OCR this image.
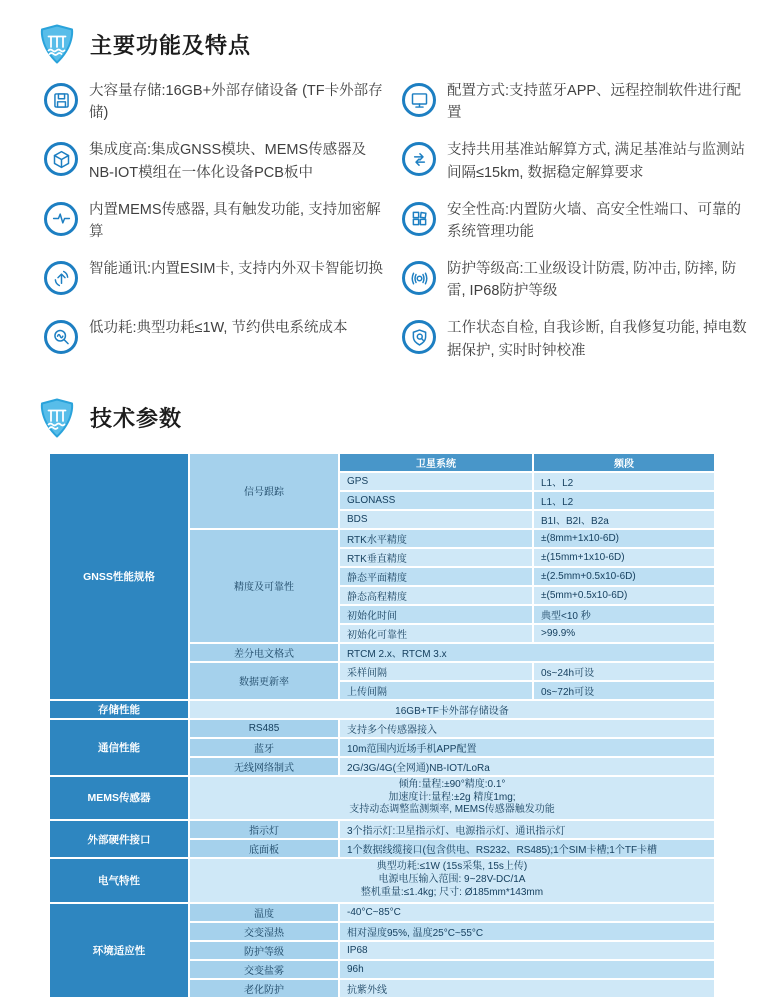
主要功能及特点
大容量存储:16GB+外部存储设备 (TF卡外部存储)
配置方式:支持蓝牙APP、远程控制软件进行配置
集成度高:集成GNSS模块、MEMS传感器及NB-IOT模组在一体化设备PCB板中
支持共用基准站解算方式, 满足基准站与监测站间隔≤15km, 数据稳定解算要求
内置MEMS传感器, 具有触发功能, 支持加密解算
安全性高:内置防火墙、高安全性端口、可靠的系统管理功能
智能通讯:内置ESIM卡, 支持内外双卡智能切换	防护等级高:工业级设计防震, 防冲击, 防摔, 防雷, IP68防护等级
低功耗:典型功耗≤1W, 节约供电系统成本	工作状态自检, 自我诊断, 自我修复功能, 掉电数据保护, 实时时钟校准
技术参数
GNSS性能规格	信号跟踪	卫星系统	频段
		GPS	L1、L2
		GLONASS	L1、L2
		BDS	B1I、B2I、B2a
	精度及可靠性	RTK水平精度	±(8mm+1x10-6D)
		RTK垂直精度	±(15mm+1x10-6D)
		静态平面精度	±(2.5mm+0.5x10-6D)
		静态高程精度	±(5mm+0.5x10-6D)
		初始化时间	典型<10 秒
		初始化可靠性	>99.9%
	差分电文格式	RTCM 2.x、RTCM 3.x	
	数据更新率	采样间隔	0s~24h可设
		上传间隔	0s~72h可设
存储性能	16GB+TF卡外部存储设备		
通信性能	RS485	支持多个传感器接入	
	蓝牙	10m范围内近场手机APP配置	
	无线网络制式	2G/3G/4G(全网通)NB-IOT/LoRa	
MEMS传感器	倾角:量程:±90°精度:0.1°
加速度计:量程:±2g 精度1mg;
支持动态调整监测频率, MEMS传感器触发功能		

外部硬件接口	指示灯	3个指示灯:卫星指示灯、电源指示灯、通讯指示灯	
	底面板	1个数据线缆接口(包含供电、RS232、RS485);1个SIM卡槽;1个TF卡槽	
电气特性	典型功耗:≤1W (15s采集, 15s上传)
电源电压输入范围: 9~28V-DC/1A
整机重量:≤1.4kg; 尺寸: Ø185mm*143mm		

环境适应性	温度	-40°C~85°C	
	交变湿热	相对湿度95%, 温度25°C~55°C	
	防护等级	IP68	
	交变盐雾	96h	
	老化防护	抗紫外线	
